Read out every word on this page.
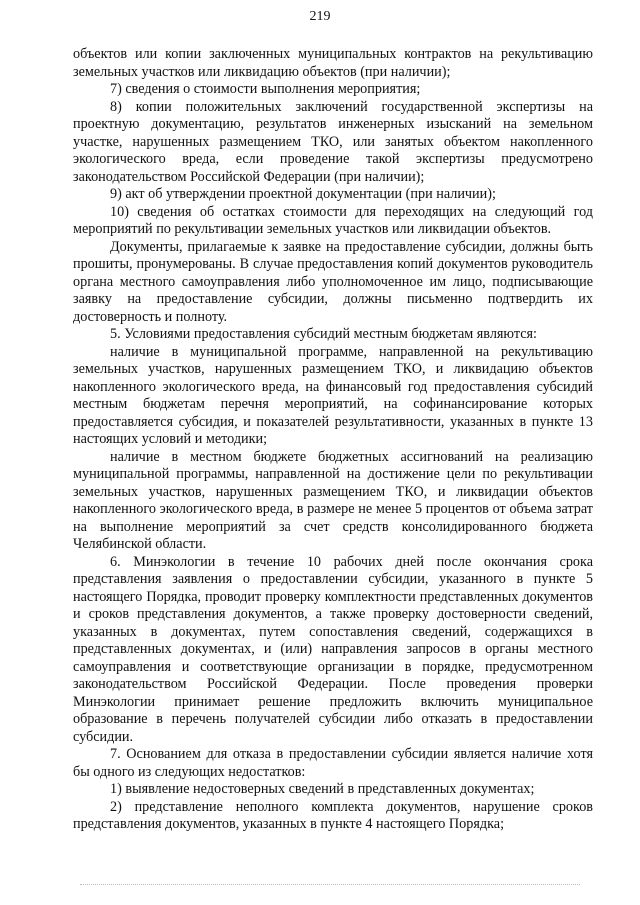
219

объектов или копии заключенных муниципальных контрактов на рекультивацию земельных участков или ликвидацию объектов (при наличии);

7) сведения о стоимости выполнения мероприятия;

8) копии положительных заключений государственной экспертизы на проектную документацию, результатов инженерных изысканий на земельном участке, нарушенных размещением ТКО, или занятых объектом накопленного экологического вреда, если проведение такой экспертизы предусмотрено законодательством Российской Федерации (при наличии);

9) акт об утверждении проектной документации (при наличии);

10) сведения об остатках стоимости для переходящих на следующий год мероприятий по рекультивации земельных участков или ликвидации объектов.

Документы, прилагаемые к заявке на предоставление субсидии, должны быть прошиты, пронумерованы. В случае предоставления копий документов руководитель органа местного самоуправления либо уполномоченное им лицо, подписывающие заявку на предоставление субсидии, должны письменно подтвердить их достоверность и полноту.

5. Условиями предоставления субсидий местным бюджетам являются:

наличие в муниципальной программе, направленной на рекультивацию земельных участков, нарушенных размещением ТКО, и ликвидацию объектов накопленного экологического вреда, на финансовый год предоставления субсидий местным бюджетам перечня мероприятий, на софинансирование которых предоставляется субсидия, и показателей результативности, указанных в пункте 13 настоящих условий и методики;

наличие в местном бюджете бюджетных ассигнований на реализацию муниципальной программы, направленной на достижение цели по рекультивации земельных участков, нарушенных размещением ТКО, и ликвидации объектов накопленного экологического вреда, в размере не менее 5 процентов от объема затрат на выполнение мероприятий за счет средств консолидированного бюджета Челябинской области.

6. Минэкологии в течение 10 рабочих дней после окончания срока представления заявления о предоставлении субсидии, указанного в пункте 5 настоящего Порядка, проводит проверку комплектности представленных документов и сроков представления документов, а также проверку достоверности сведений, указанных в документах, путем сопоставления сведений, содержащихся в представленных документах, и (или) направления запросов в органы местного самоуправления и соответствующие организации в порядке, предусмотренном законодательством Российской Федерации. После проведения проверки Минэкологии принимает решение предложить включить муниципальное образование в перечень получателей субсидии либо отказать в предоставлении субсидии.

7. Основанием для отказа в предоставлении субсидии является наличие хотя бы одного из следующих недостатков:

1) выявление недостоверных сведений в представленных документах;

2) представление неполного комплекта документов, нарушение сроков представления документов, указанных в пункте 4 настоящего Порядка;
